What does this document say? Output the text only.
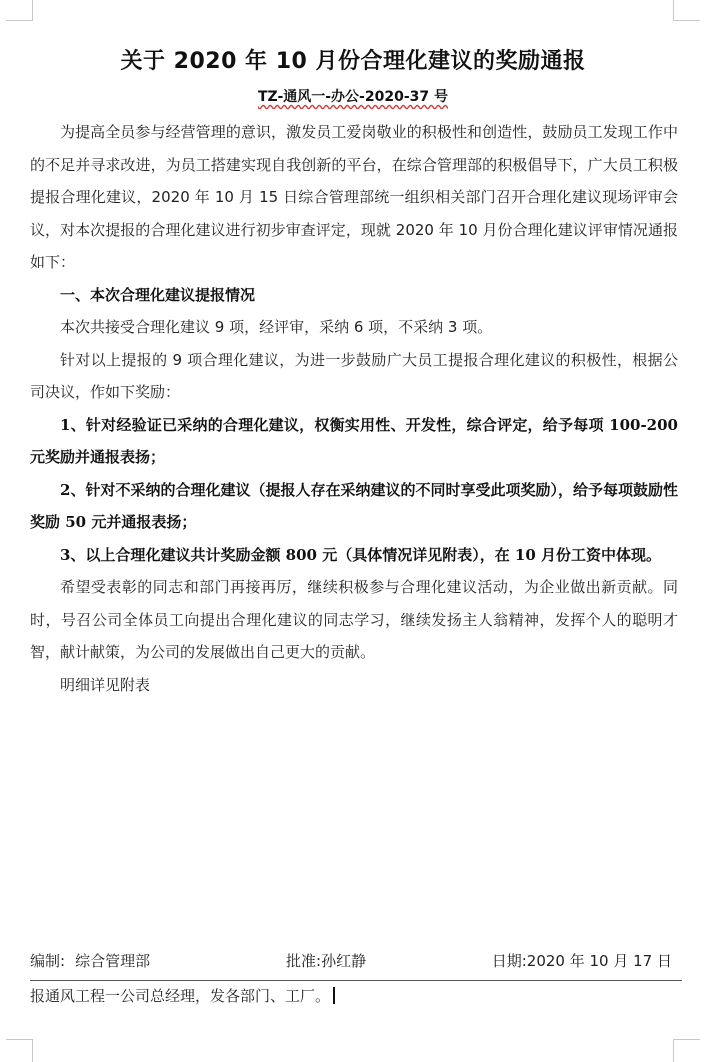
关于 2020 年 10 月份合理化建议的奖励通报
TZ-通风一-办公-2020-37 号

为提高全员参与经营管理的意识，激发员工爱岗敬业的积极性和创造性，鼓励员工发现工作中的不足并寻求改进，为员工搭建实现自我创新的平台，在综合管理部的积极倡导下，广大员工积极提报合理化建议，2020 年 10 月 15 日综合管理部统一组织相关部门召开合理化建议现场评审会议，对本次提报的合理化建议进行初步审查评定，现就 2020 年 10 月份合理化建议评审情况通报如下：

一、本次合理化建议提报情况

本次共接受合理化建议 9 项，经评审，采纳 6 项，不采纳 3 项。

针对以上提报的 9 项合理化建议，为进一步鼓励广大员工提报合理化建议的积极性，根据公司决议，作如下奖励：

1、针对经验证已采纳的合理化建议，权衡实用性、开发性，综合评定，给予每项 100-200 元奖励并通报表扬；

2、针对不采纳的合理化建议（提报人存在采纳建议的不同时享受此项奖励），给予每项鼓励性奖励 50 元并通报表扬；

3、以上合理化建议共计奖励金额 800 元（具体情况详见附表），在 10 月份工资中体现。

希望受表彰的同志和部门再接再厉，继续积极参与合理化建议活动，为企业做出新贡献。同时，号召公司全体员工向提出合理化建议的同志学习，继续发扬主人翁精神，发挥个人的聪明才智，献计献策，为公司的发展做出自己更大的贡献。

明细详见附表

编制: 综合管理部	批准:孙红静	日期:2020 年 10 月 17 日
报通风工程一公司总经理，发各部门、工厂。
